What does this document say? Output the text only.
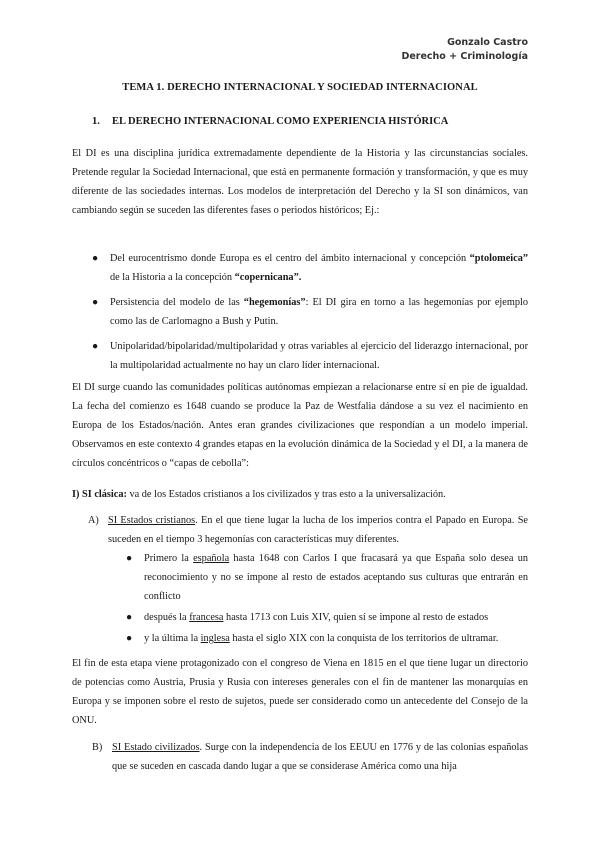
Gonzalo Castro
Derecho + Criminología
TEMA 1. DERECHO INTERNACIONAL Y SOCIEDAD INTERNACIONAL
1. EL DERECHO INTERNACIONAL COMO EXPERIENCIA HISTÓRICA
El DI es una disciplina jurídica extremadamente dependiente de la Historia y las circunstancias sociales. Pretende regular la Sociedad Internacional, que está en permanente formación y transformación, y que es muy diferente de las sociedades internas. Los modelos de interpretación del Derecho y la SI son dinámicos, van cambiando según se suceden las diferentes fases o periodos históricos; Ej.:
● Del eurocentrismo donde Europa es el centro del ámbito internacional y concepción “ptolomeica” de la Historia a la concepción “copernicana”.
● Persistencia del modelo de las “hegemonías”: El DI gira en torno a las hegemonías por ejemplo como las de Carlomagno a Bush y Putin.
● Unipolaridad/bipolaridad/multipolaridad y otras variables al ejercicio del liderazgo internacional, por la multipolaridad actualmente no hay un claro líder internacional.
El DI surge cuando las comunidades políticas autónomas empiezan a relacionarse entre sí en pie de igualdad. La fecha del comienzo es 1648 cuando se produce la Paz de Westfalia dándose a su vez el nacimiento en Europa de los Estados/nación. Antes eran grandes civilizaciones que respondían a un modelo imperial. Observamos en este contexto 4 grandes etapas en la evolución dinámica de la Sociedad y el DI, a la manera de círculos concéntricos o “capas de cebolla”:
I) SI clásica: va de los Estados cristianos a los civilizados y tras esto a la universalización.
A) SI Estados cristianos. En el que tiene lugar la lucha de los imperios contra el Papado en Europa. Se suceden en el tiempo 3 hegemonías con características muy diferentes.
● Primero la española hasta 1648 con Carlos I que fracasará ya que España solo desea un reconocimiento y no se impone al resto de estados aceptando sus culturas que entrarán en conflicto
● después la francesa hasta 1713 con Luis XIV, quien sí se impone al resto de estados
● y la última la inglesa hasta el siglo XIX con la conquista de los territorios de ultramar.
El fin de esta etapa viene protagonizado con el congreso de Viena en 1815 en el que tiene lugar un directorio de potencias como Austria, Prusia y Rusia con intereses generales con el fin de mantener las monarquías en Europa y se imponen sobre el resto de sujetos, puede ser considerado como un antecedente del Consejo de la ONU.
B) SI Estado civilizados. Surge con la independencia de los EEUU en 1776 y de las colonias españolas que se suceden en cascada dando lugar a que se considerase América como una hija
